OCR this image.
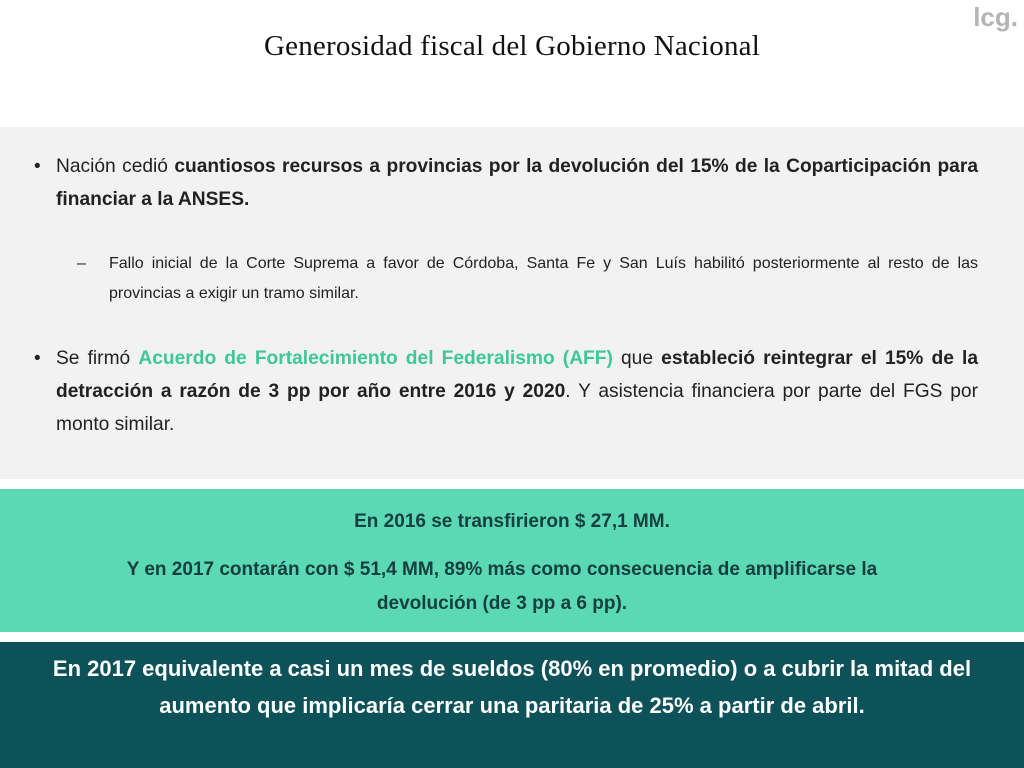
lcg.
Generosidad fiscal del Gobierno Nacional
• Nación cedió cuantiosos recursos a provincias por la devolución del 15% de la Coparticipación para financiar a la ANSES.
– Fallo inicial de la Corte Suprema a favor de Córdoba, Santa Fe y San Luís habilitó posteriormente al resto de las provincias a exigir un tramo similar.
• Se firmó Acuerdo de Fortalecimiento del Federalismo (AFF) que estableció reintegrar el 15% de la detracción a razón de 3 pp por año entre 2016 y 2020. Y asistencia financiera por parte del FGS por monto similar.
En 2016 se transfirieron $ 27,1 MM.
Y en 2017 contarán con $ 51,4 MM, 89% más como consecuencia de amplificarse la devolución (de 3 pp a 6 pp).
En 2017 equivalente a casi un mes de sueldos (80% en promedio) o a cubrir la mitad del aumento que implicaría cerrar una paritaria de 25% a partir de abril.
